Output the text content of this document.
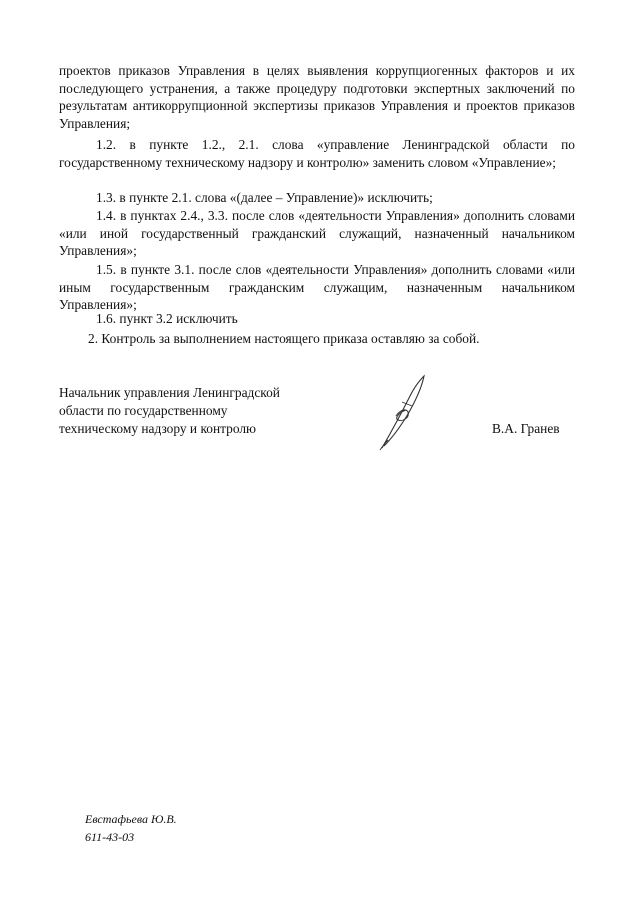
проектов приказов Управления в целях выявления коррупциогенных факторов и их последующего устранения, а также процедуру подготовки экспертных заключений по результатам антикоррупционной экспертизы приказов Управления и проектов приказов Управления;

1.2. в пункте 1.2., 2.1. слова «управление Ленинградской области по государственному техническому надзору и контролю» заменить словом «Управление»;

1.3. в пункте 2.1. слова «(далее – Управление)» исключить;

1.4. в пунктах 2.4., 3.3. после слов «деятельности Управления» дополнить словами «или иной государственный гражданский служащий, назначенный начальником Управления»;

1.5. в пункте 3.1. после слов «деятельности Управления» дополнить словами «или иным государственным гражданским служащим, назначенным начальником Управления»;

1.6. пункт 3.2 исключить

2. Контроль за выполнением настоящего приказа оставляю за собой.

Начальник управления Ленинградской
области по государственному
техническому надзору и контролю	В.А. Гранев
Евстафьева Ю.В.
611-43-03
